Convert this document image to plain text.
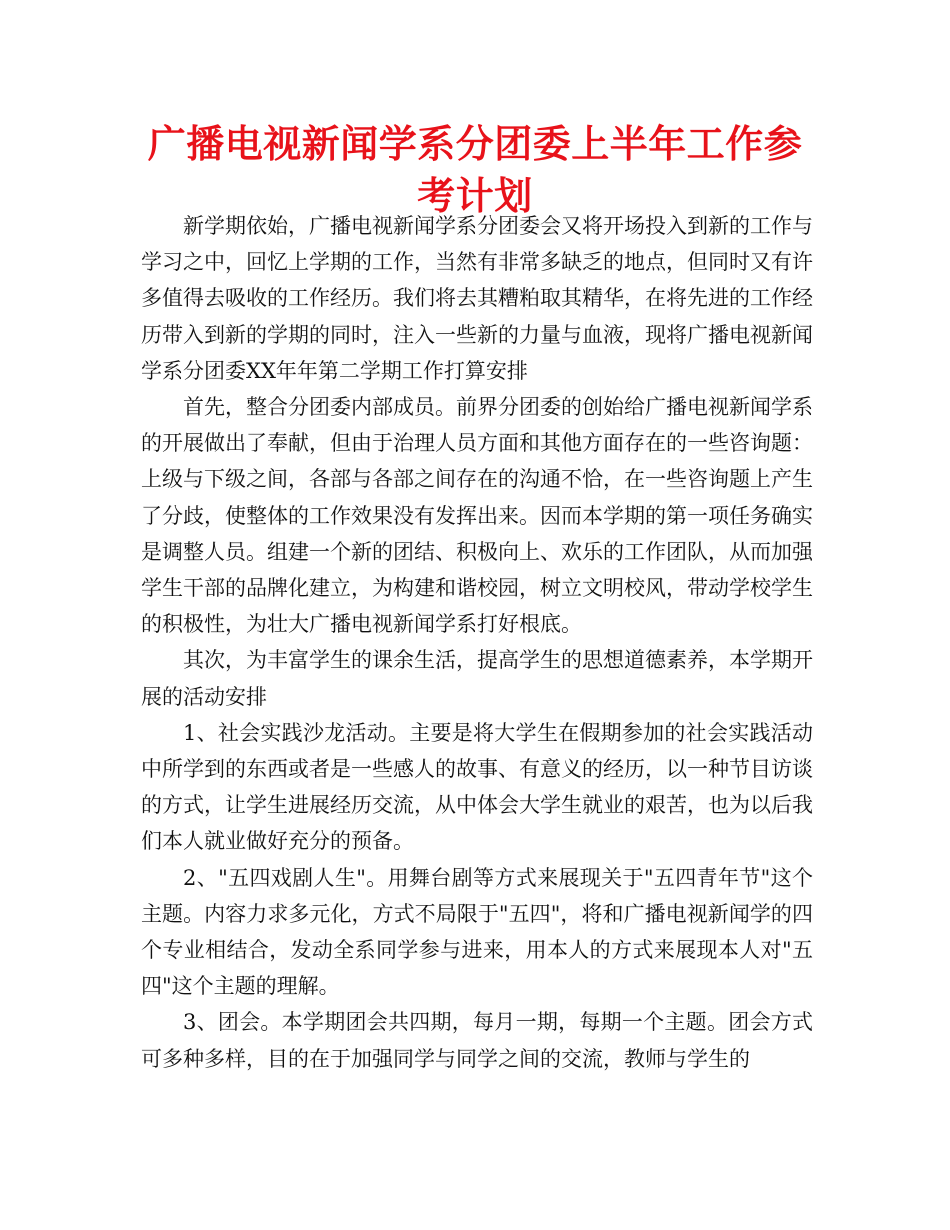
广播电视新闻学系分团委上半年工作参考计划

新学期依始，广播电视新闻学系分团委会又将开场投入到新的工作与学习之中，回忆上学期的工作，当然有非常多缺乏的地点，但同时又有许多值得去吸收的工作经历。我们将去其糟粕取其精华，在将先进的工作经历带入到新的学期的同时，注入一些新的力量与血液，现将广播电视新闻学系分团委XX年年第二学期工作打算安排

首先，整合分团委内部成员。前界分团委的创始给广播电视新闻学系的开展做出了奉献，但由于治理人员方面和其他方面存在的一些咨询题：上级与下级之间，各部与各部之间存在的沟通不恰，在一些咨询题上产生了分歧，使整体的工作效果没有发挥出来。因而本学期的第一项任务确实是调整人员。组建一个新的团结、积极向上、欢乐的工作团队，从而加强学生干部的品牌化建立，为构建和谐校园，树立文明校风，带动学校学生的积极性，为壮大广播电视新闻学系打好根底。

其次，为丰富学生的课余生活，提高学生的思想道德素养，本学期开展的活动安排

1、社会实践沙龙活动。主要是将大学生在假期参加的社会实践活动中所学到的东西或者是一些感人的故事、有意义的经历，以一种节目访谈的方式，让学生进展经历交流，从中体会大学生就业的艰苦，也为以后我们本人就业做好充分的预备。

2、"五四戏剧人生"。用舞台剧等方式来展现关于"五四青年节"这个主题。内容力求多元化，方式不局限于"五四"，将和广播电视新闻学的四个专业相结合，发动全系同学参与进来，用本人的方式来展现本人对"五四"这个主题的理解。

3、团会。本学期团会共四期，每月一期，每期一个主题。团会方式可多种多样，目的在于加强同学与同学之间的交流，教师与学生的
